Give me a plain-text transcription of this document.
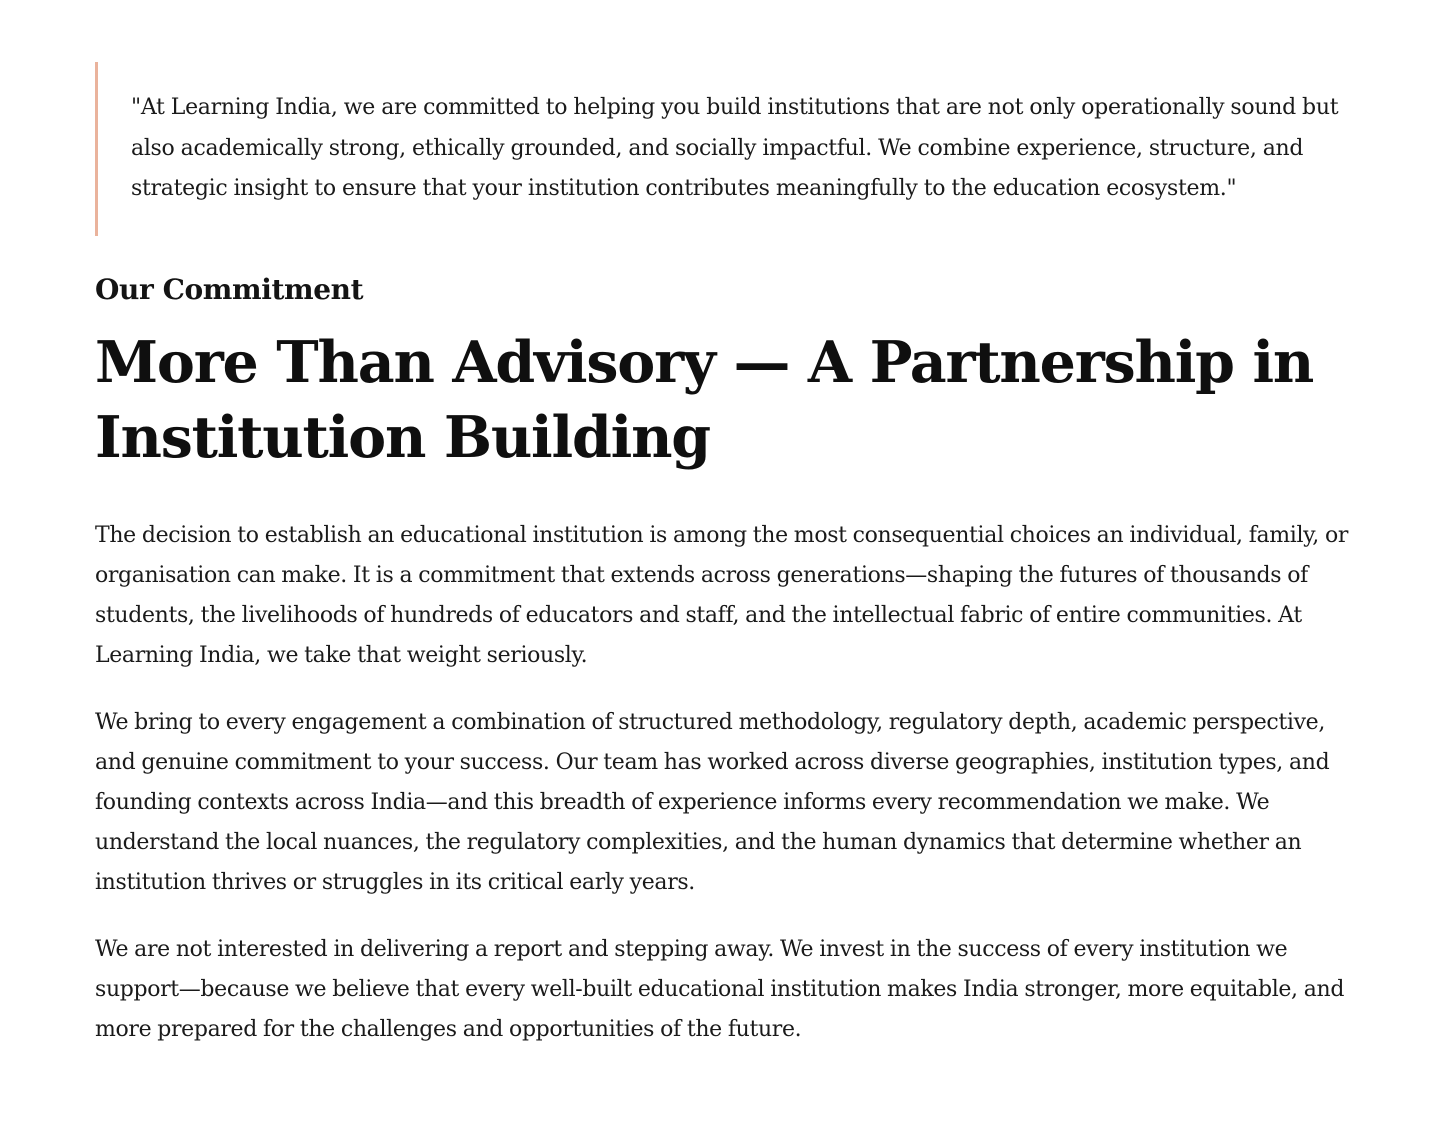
"At Learning India, we are committed to helping you build institutions that are not only operationally sound but also academically strong, ethically grounded, and socially impactful. We combine experience, structure, and strategic insight to ensure that your institution contributes meaningfully to the education ecosystem."
Our Commitment
More Than Advisory — A Partnership in Institution Building

The decision to establish an educational institution is among the most consequential choices an individual, family, or organisation can make. It is a commitment that extends across generations—shaping the futures of thousands of students, the livelihoods of hundreds of educators and staff, and the intellectual fabric of entire communities. At Learning India, we take that weight seriously.

We bring to every engagement a combination of structured methodology, regulatory depth, academic perspective, and genuine commitment to your success. Our team has worked across diverse geographies, institution types, and founding contexts across India—and this breadth of experience informs every recommendation we make. We understand the local nuances, the regulatory complexities, and the human dynamics that determine whether an institution thrives or struggles in its critical early years.

We are not interested in delivering a report and stepping away. We invest in the success of every institution we support—because we believe that every well-built educational institution makes India stronger, more equitable, and more prepared for the challenges and opportunities of the future.
